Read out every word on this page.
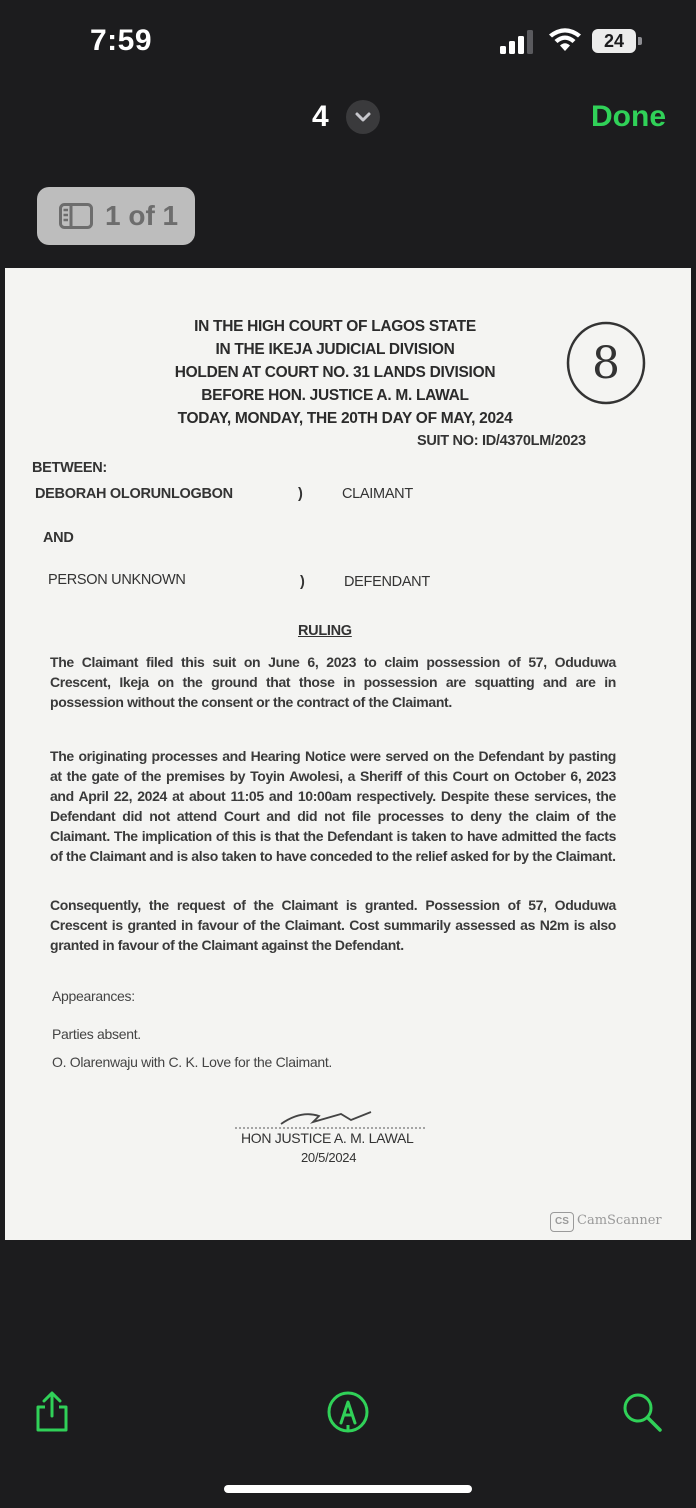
7:59	24
4	Done
1 of 1
IN THE HIGH COURT OF LAGOS STATE
IN THE IKEJA JUDICIAL DIVISION
HOLDEN AT COURT NO. 31 LANDS DIVISION
BEFORE HON. JUSTICE A. M. LAWAL
TODAY, MONDAY, THE 20TH DAY OF MAY, 2024
8
SUIT NO: ID/4370LM/2023
BETWEEN:
DEBORAH OLORUNLOGBON	)	CLAIMANT
AND
PERSON UNKNOWN	)	DEFENDANT
RULING
The Claimant filed this suit on June 6, 2023 to claim possession of 57, Oduduwa Crescent, Ikeja on the ground that those in possession are squatting and are in possession without the consent or the contract of the Claimant.
The originating processes and Hearing Notice were served on the Defendant by pasting at the gate of the premises by Toyin Awolesi, a Sheriff of this Court on October 6, 2023 and April 22, 2024 at about 11:05 and 10:00am respectively. Despite these services, the Defendant did not attend Court and did not file processes to deny the claim of the Claimant. The implication of this is that the Defendant is taken to have admitted the facts of the Claimant and is also taken to have conceded to the relief asked for by the Claimant.
Consequently, the request of the Claimant is granted. Possession of 57, Oduduwa Crescent is granted in favour of the Claimant. Cost summarily assessed as N2m is also granted in favour of the Claimant against the Defendant.
Appearances:
Parties absent.
O. Olarenwaju with C. K. Love for the Claimant.
HON JUSTICE A. M. LAWAL
20/5/2024
CS CamScanner
